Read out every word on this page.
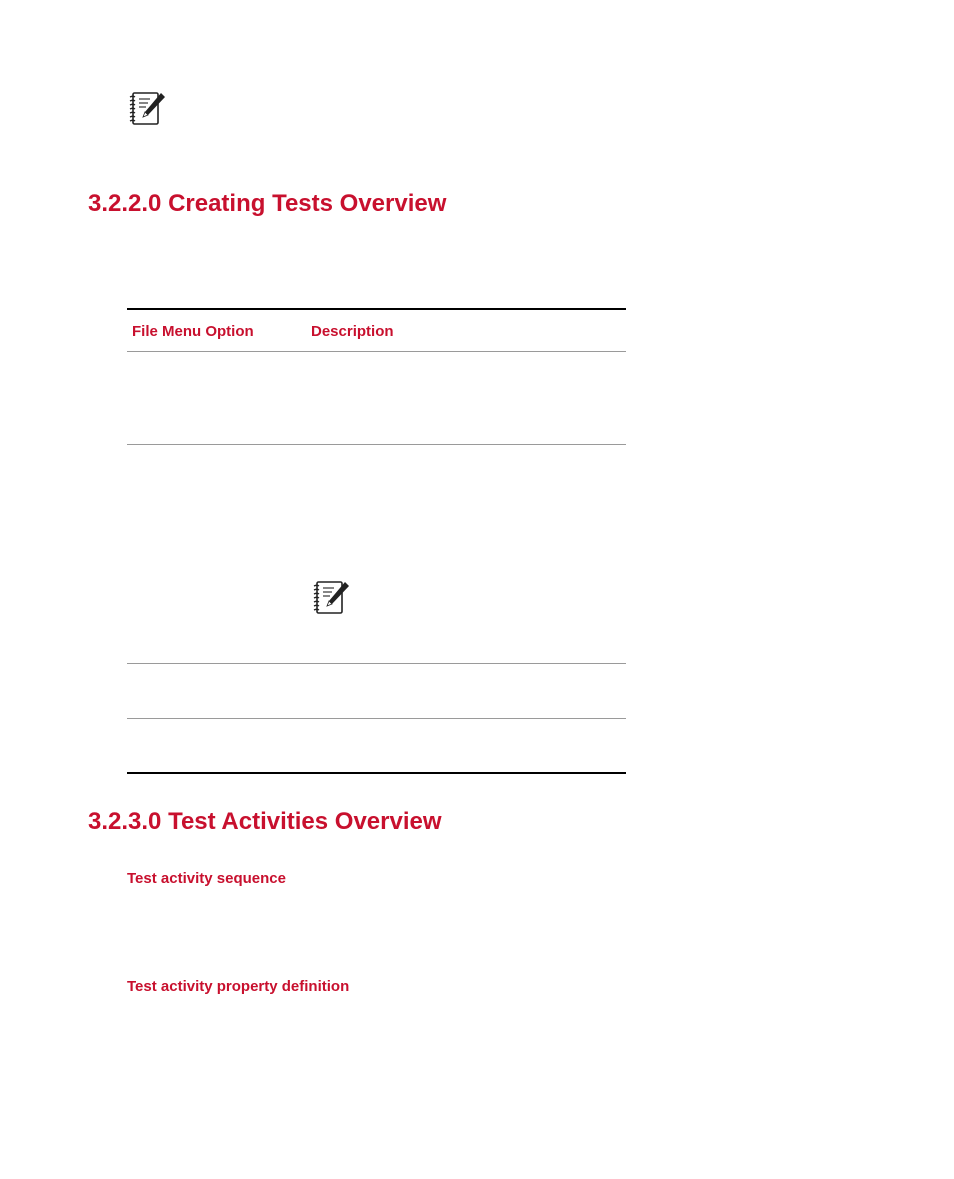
3.2.2.0 Creating Tests Overview
File Menu Option	Description
3.2.3.0 Test Activities Overview
Test activity sequence
Test activity property definition
